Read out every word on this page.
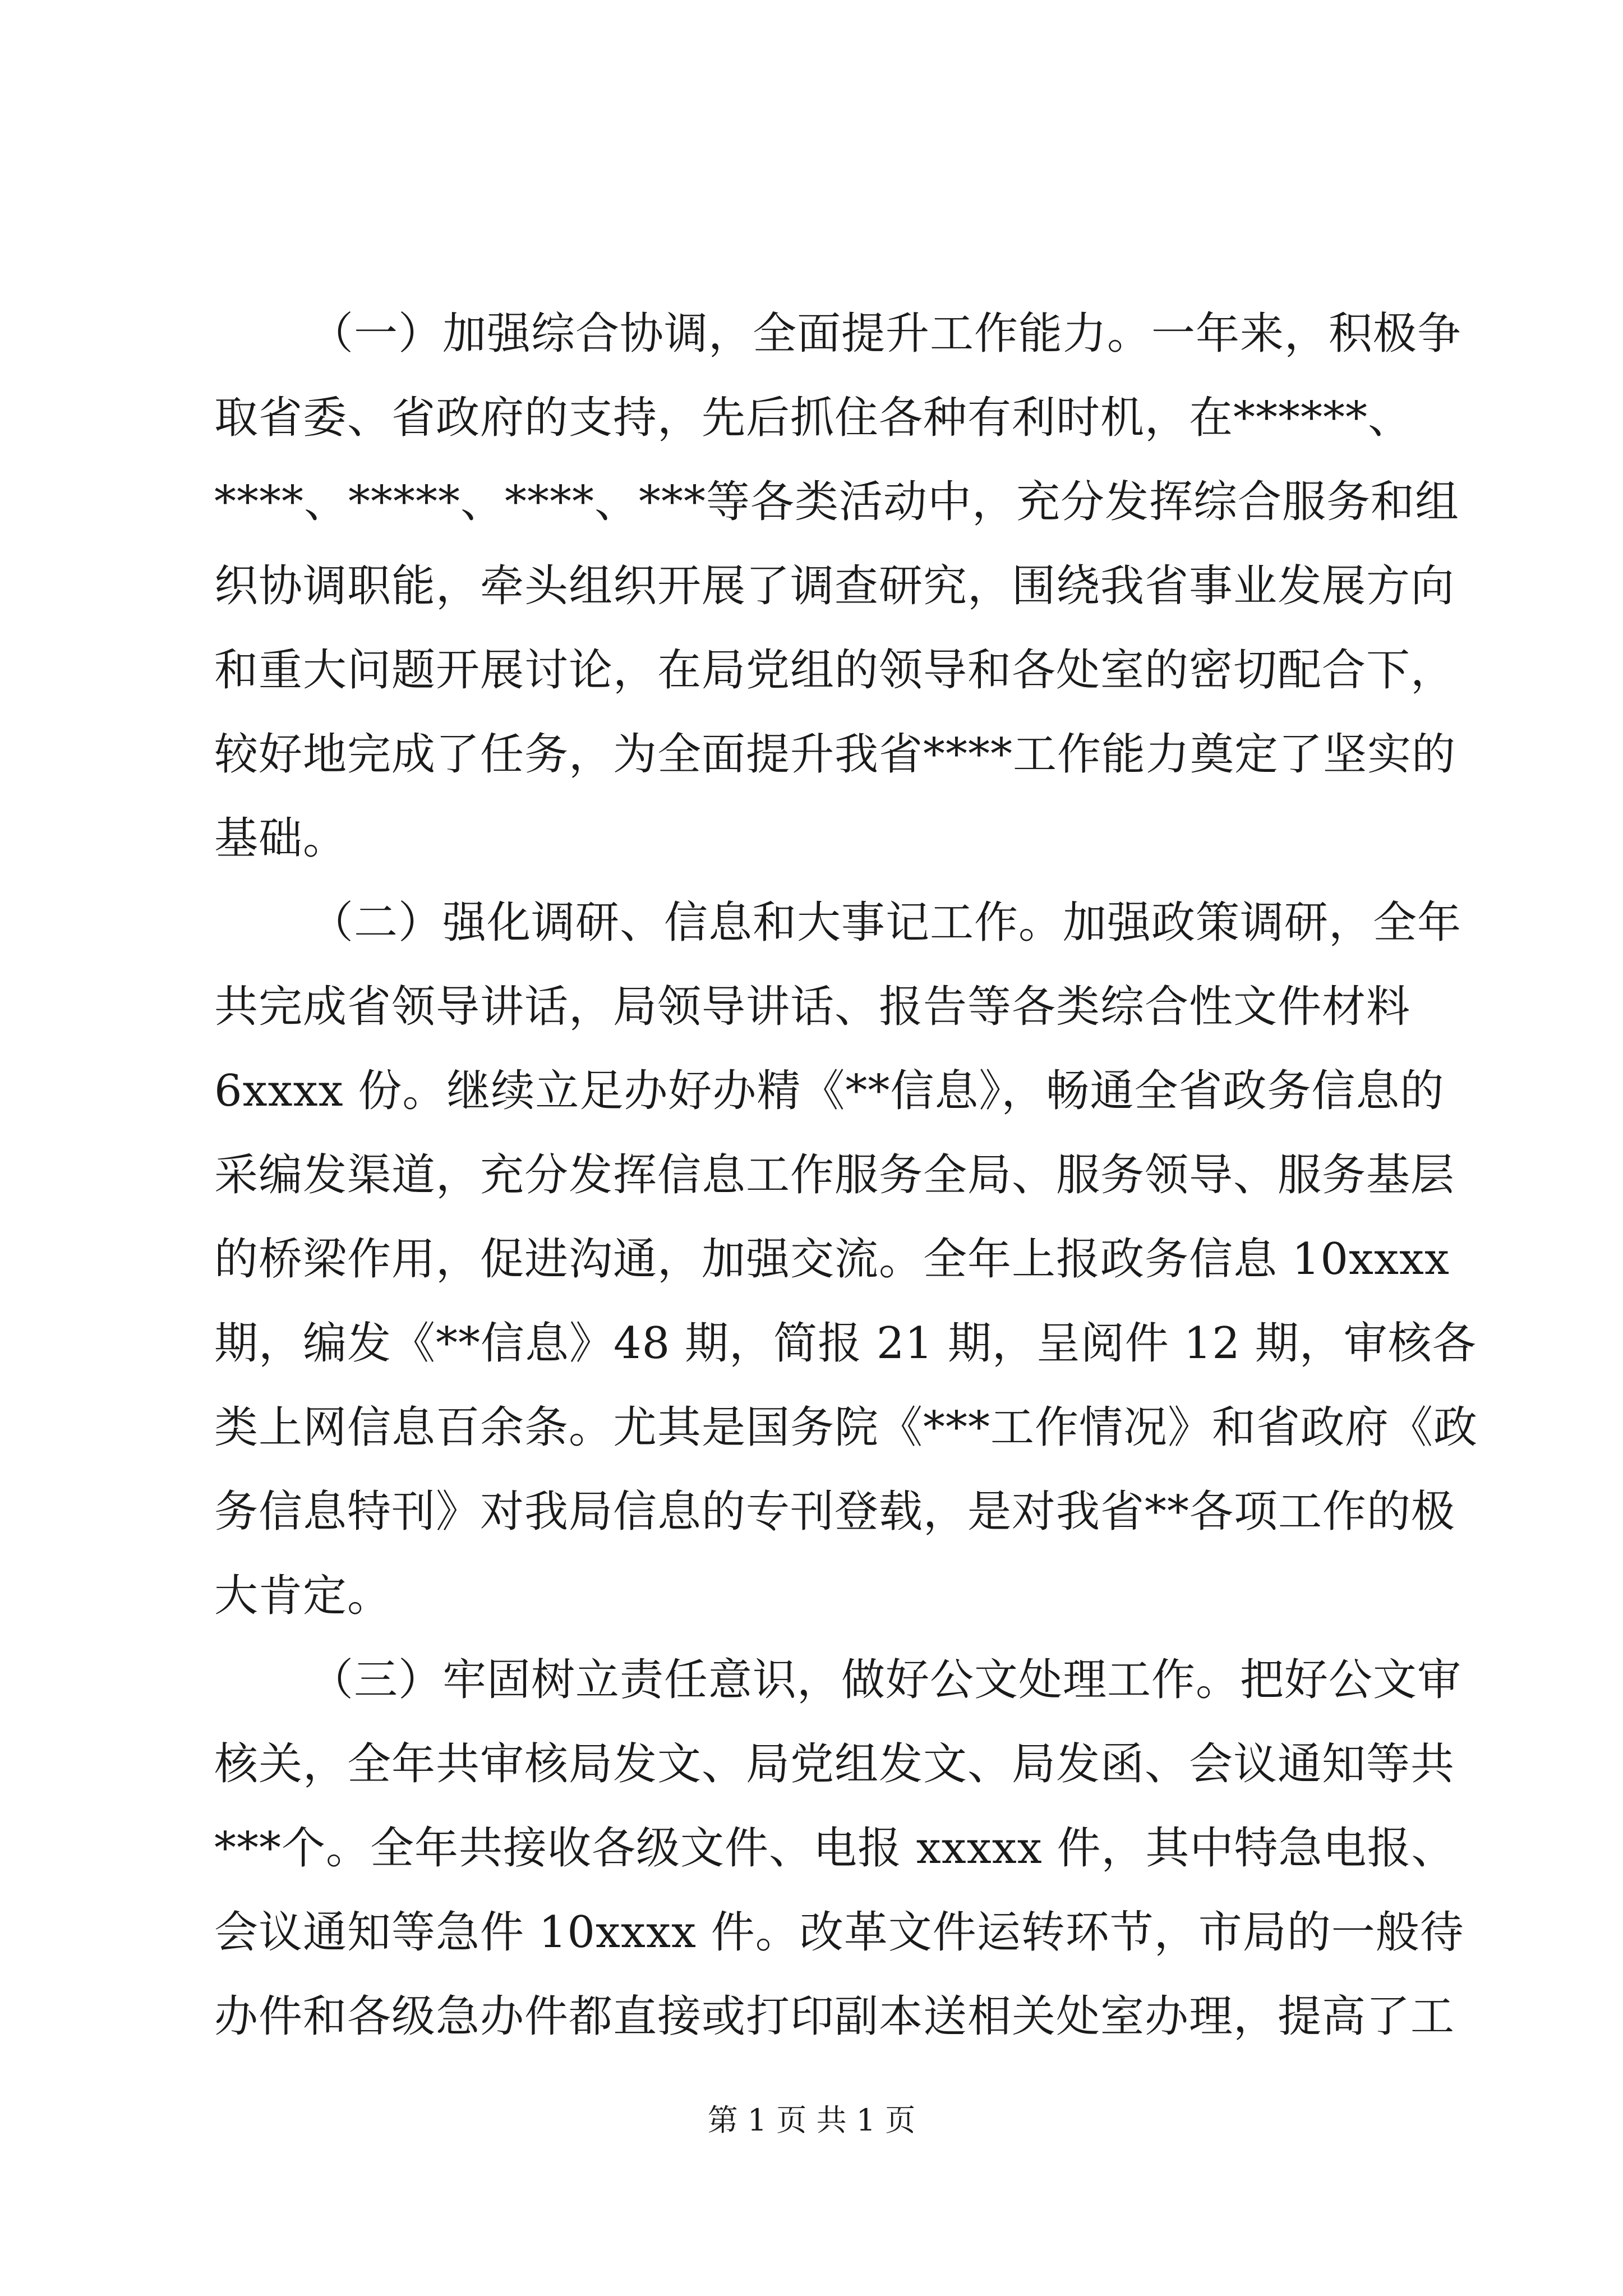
（一）加强综合协调，全面提升工作能力。一年来，积极争
取省委、省政府的支持，先后抓住各种有利时机，在******、
****、*****、****、***等各类活动中，充分发挥综合服务和组
织协调职能，牵头组织开展了调查研究，围绕我省事业发展方向
和重大问题开展讨论，在局党组的领导和各处室的密切配合下，
较好地完成了任务，为全面提升我省****工作能力奠定了坚实的
基础。
（二）强化调研、信息和大事记工作。加强政策调研，全年
共完成省领导讲话，局领导讲话、报告等各类综合性文件材料
6xxxx 份。继续立足办好办精《**信息》，畅通全省政务信息的
采编发渠道，充分发挥信息工作服务全局、服务领导、服务基层
的桥梁作用，促进沟通，加强交流。全年上报政务信息 10xxxx
期，编发《**信息》48 期，简报 21 期，呈阅件 12 期，审核各
类上网信息百余条。尤其是国务院《***工作情况》和省政府《政
务信息特刊》对我局信息的专刊登载，是对我省**各项工作的极
大肯定。
（三）牢固树立责任意识，做好公文处理工作。把好公文审
核关，全年共审核局发文、局党组发文、局发函、会议通知等共
***个。全年共接收各级文件、电报 xxxxx 件，其中特急电报、
会议通知等急件 10xxxx 件。改革文件运转环节，市局的一般待
办件和各级急办件都直接或打印副本送相关处室办理，提高了工
第 1 页 共 1 页
